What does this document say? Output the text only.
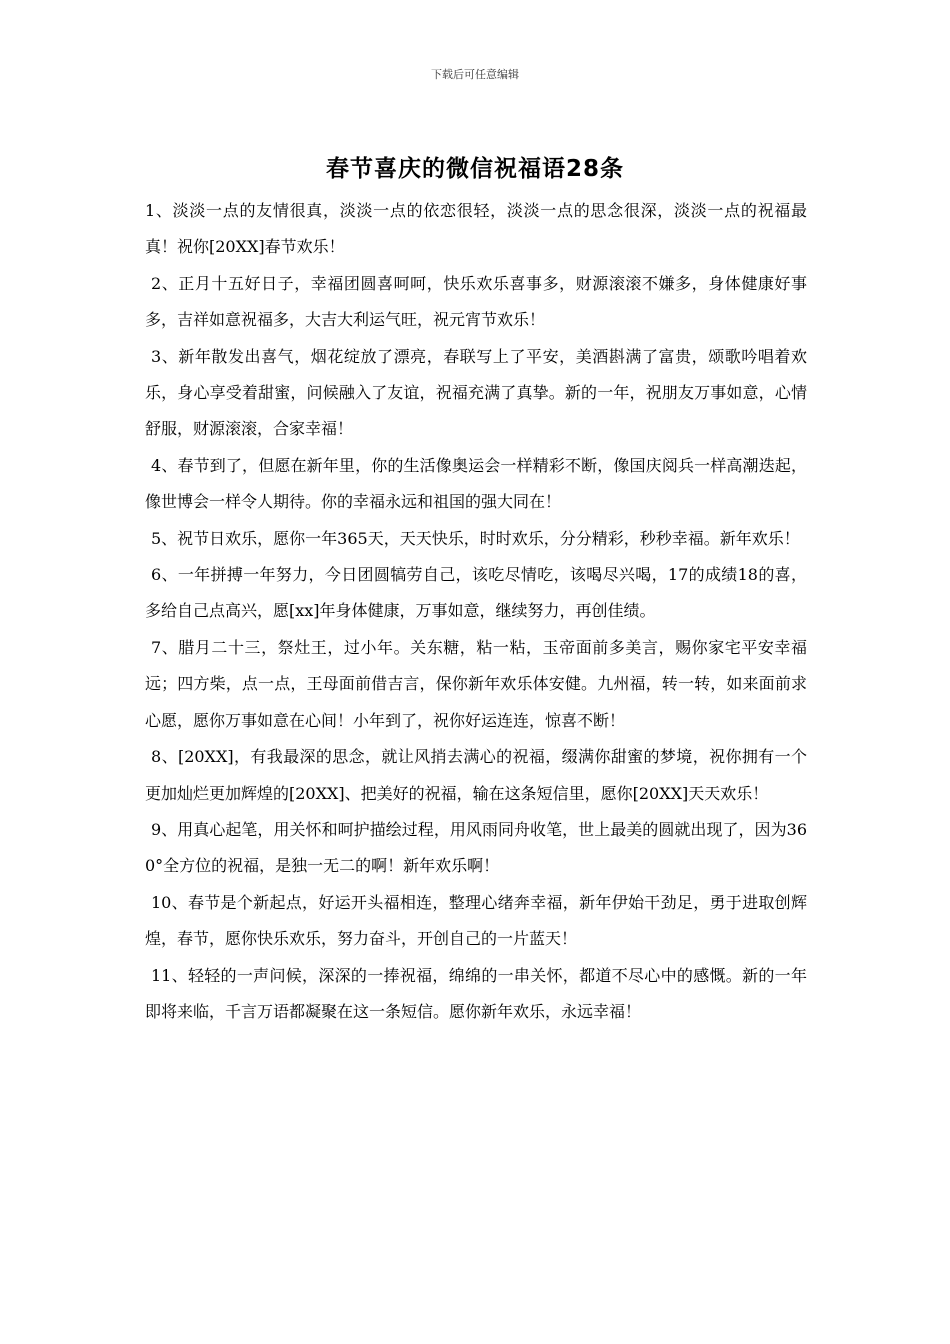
下载后可任意编辑
春节喜庆的微信祝福语28条

1、淡淡一点的友情很真，淡淡一点的依恋很轻，淡淡一点的思念很深，淡淡一点的祝福最真！祝你[20XX]春节欢乐！

2、正月十五好日子，幸福团圆喜呵呵，快乐欢乐喜事多，财源滚滚不嫌多，身体健康好事多，吉祥如意祝福多，大吉大利运气旺，祝元宵节欢乐！

3、新年散发出喜气，烟花绽放了漂亮，春联写上了平安，美酒斟满了富贵，颂歌吟唱着欢乐，身心享受着甜蜜，问候融入了友谊，祝福充满了真挚。新的一年，祝朋友万事如意，心情舒服，财源滚滚，合家幸福！

4、春节到了，但愿在新年里，你的生活像奥运会一样精彩不断，像国庆阅兵一样高潮迭起，像世博会一样令人期待。你的幸福永远和祖国的强大同在！

5、祝节日欢乐，愿你一年365天，天天快乐，时时欢乐，分分精彩，秒秒幸福。新年欢乐！

6、一年拼搏一年努力，今日团圆犒劳自己，该吃尽情吃，该喝尽兴喝，17的成绩18的喜，多给自己点高兴，愿[xx]年身体健康，万事如意，继续努力，再创佳绩。

7、腊月二十三，祭灶王，过小年。关东糖，粘一粘，玉帝面前多美言，赐你家宅平安幸福远；四方柴，点一点，王母面前借吉言，保你新年欢乐体安健。九州福，转一转，如来面前求心愿，愿你万事如意在心间！小年到了，祝你好运连连，惊喜不断！

8、[20XX]，有我最深的思念，就让风捎去满心的祝福，缀满你甜蜜的梦境，祝你拥有一个更加灿烂更加辉煌的[20XX]、把美好的祝福，输在这条短信里，愿你[20XX]天天欢乐！

9、用真心起笔，用关怀和呵护描绘过程，用风雨同舟收笔，世上最美的圆就出现了，因为360°全方位的祝福，是独一无二的啊！新年欢乐啊！

10、春节是个新起点，好运开头福相连，整理心绪奔幸福，新年伊始干劲足，勇于进取创辉煌，春节，愿你快乐欢乐，努力奋斗，开创自己的一片蓝天！

11、轻轻的一声问候，深深的一捧祝福，绵绵的一串关怀，都道不尽心中的感慨。新的一年即将来临，千言万语都凝聚在这一条短信。愿你新年欢乐，永远幸福！
